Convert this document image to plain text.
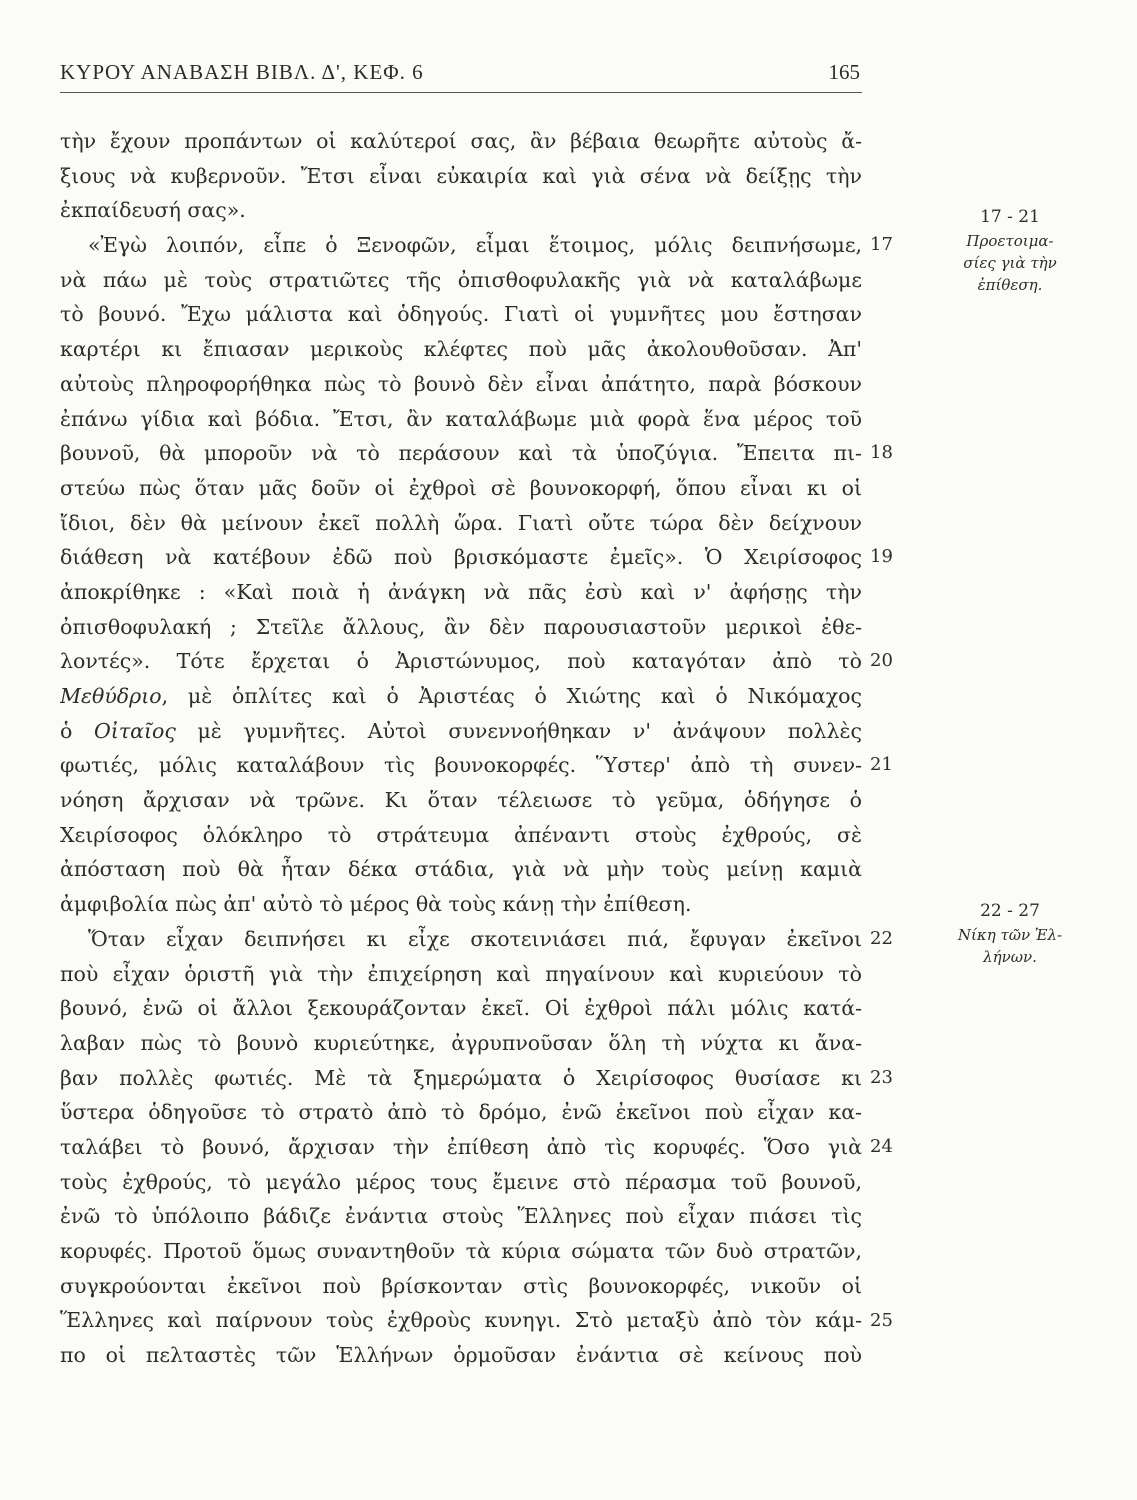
ΚΥΡΟΥ ΑΝΑΒΑΣΗ ΒΙΒΛ. Δ', ΚΕΦ. 6	165
τὴν ἔχουν προπάντων οἱ καλύτεροί σας, ἂν βέβαια θεωρῆτε αὐτοὺς ἄ-
ξιους νὰ κυβερνοῦν. Ἔτσι εἶναι εὐκαιρία καὶ γιὰ σένα νὰ δείξῃς τὴν
ἐκπαίδευσή σας».
«Ἐγὼ λοιπόν, εἶπε ὁ Ξενοφῶν, εἶμαι ἕτοιμος, μόλις δειπνήσωμε,
νὰ πάω μὲ τοὺς στρατιῶτες τῆς ὀπισθοφυλακῆς γιὰ νὰ καταλάβωμε
τὸ βουνό. Ἔχω μάλιστα καὶ ὁδηγούς. Γιατὶ οἱ γυμνῆτες μου ἔστησαν
καρτέρι κι ἔπιασαν μερικοὺς κλέφτες ποὺ μᾶς ἀκολουθοῦσαν. Ἀπ'
αὐτοὺς πληροφορήθηκα πὼς τὸ βουνὸ δὲν εἶναι ἀπάτητο, παρὰ βόσκουν
ἐπάνω γίδια καὶ βόδια. Ἔτσι, ἂν καταλάβωμε μιὰ φορὰ ἕνα μέρος τοῦ
βουνοῦ, θὰ μποροῦν νὰ τὸ περάσουν καὶ τὰ ὑποζύγια. Ἔπειτα πι-
στεύω πὼς ὅταν μᾶς δοῦν οἱ ἐχθροὶ σὲ βουνοκορφή, ὅπου εἶναι κι οἱ
ἴδιοι, δὲν θὰ μείνουν ἐκεῖ πολλὴ ὥρα. Γιατὶ οὔτε τώρα δὲν δείχνουν
διάθεση νὰ κατέβουν ἐδῶ ποὺ βρισκόμαστε ἐμεῖς». Ὁ Χειρίσοφος
ἀποκρίθηκε : «Καὶ ποιὰ ἡ ἀνάγκη νὰ πᾶς ἐσὺ καὶ ν' ἀφήσῃς τὴν
ὀπισθοφυλακή ; Στεῖλε ἄλλους, ἂν δὲν παρουσιαστοῦν μερικοὶ ἐθε-
λοντές». Τότε ἔρχεται ὁ Ἀριστώνυμος, ποὺ καταγόταν ἀπὸ τὸ
Μεθύδριο, μὲ ὁπλίτες καὶ ὁ Ἀριστέας ὁ Χιώτης καὶ ὁ Νικόμαχος
ὁ Οἰταῖος μὲ γυμνῆτες. Αὐτοὶ συνεννοήθηκαν ν' ἀνάψουν πολλὲς
φωτιές, μόλις καταλάβουν τὶς βουνοκορφές. Ὕστερ' ἀπὸ τὴ συνεν-
νόηση ἄρχισαν νὰ τρῶνε. Κι ὅταν τέλειωσε τὸ γεῦμα, ὁδήγησε ὁ
Χειρίσοφος ὁλόκληρο τὸ στράτευμα ἀπέναντι στοὺς ἐχθρούς, σὲ
ἀπόσταση ποὺ θὰ ἦταν δέκα στάδια, γιὰ νὰ μὴν τοὺς μείνῃ καμιὰ
ἀμφιβολία πὼς ἀπ' αὐτὸ τὸ μέρος θὰ τοὺς κάνῃ τὴν ἐπίθεση.
Ὅταν εἶχαν δειπνήσει κι εἶχε σκοτεινιάσει πιά, ἔφυγαν ἐκεῖνοι
ποὺ εἶχαν ὁριστῆ γιὰ τὴν ἐπιχείρηση καὶ πηγαίνουν καὶ κυριεύουν τὸ
βουνό, ἐνῶ οἱ ἄλλοι ξεκουράζονταν ἐκεῖ. Οἱ ἐχθροὶ πάλι μόλις κατά-
λαβαν πὼς τὸ βουνὸ κυριεύτηκε, ἀγρυπνοῦσαν ὅλη τὴ νύχτα κι ἄνα-
βαν πολλὲς φωτιές. Μὲ τὰ ξημερώματα ὁ Χειρίσοφος θυσίασε κι
ὕστερα ὁδηγοῦσε τὸ στρατὸ ἀπὸ τὸ δρόμο, ἐνῶ ἐκεῖνοι ποὺ εἶχαν κα-
ταλάβει τὸ βουνό, ἄρχισαν τὴν ἐπίθεση ἀπὸ τὶς κορυφές. Ὅσο γιὰ
τοὺς ἐχθρούς, τὸ μεγάλο μέρος τους ἔμεινε στὸ πέρασμα τοῦ βουνοῦ,
ἐνῶ τὸ ὑπόλοιπο βάδιζε ἐνάντια στοὺς Ἕλληνες ποὺ εἶχαν πιάσει τὶς
κορυφές. Προτοῦ ὅμως συναντηθοῦν τὰ κύρια σώματα τῶν δυὸ στρατῶν,
συγκρούονται ἐκεῖνοι ποὺ βρίσκονταν στὶς βουνοκορφές, νικοῦν οἱ
Ἕλληνες καὶ παίρνουν τοὺς ἐχθροὺς κυνηγι. Στὸ μεταξὺ ἀπὸ τὸν κάμ-
πο οἱ πελταστὲς τῶν Ἑλλήνων ὁρμοῦσαν ἐνάντια σὲ κείνους ποὺ
17
18
19
20
21
22
23
24
25
17 - 21
Προετοιμα-
σίες γιὰ τὴν
ἐπίθεση.
22 - 27
Νίκη τῶν Ἑλ-
λήνων.
